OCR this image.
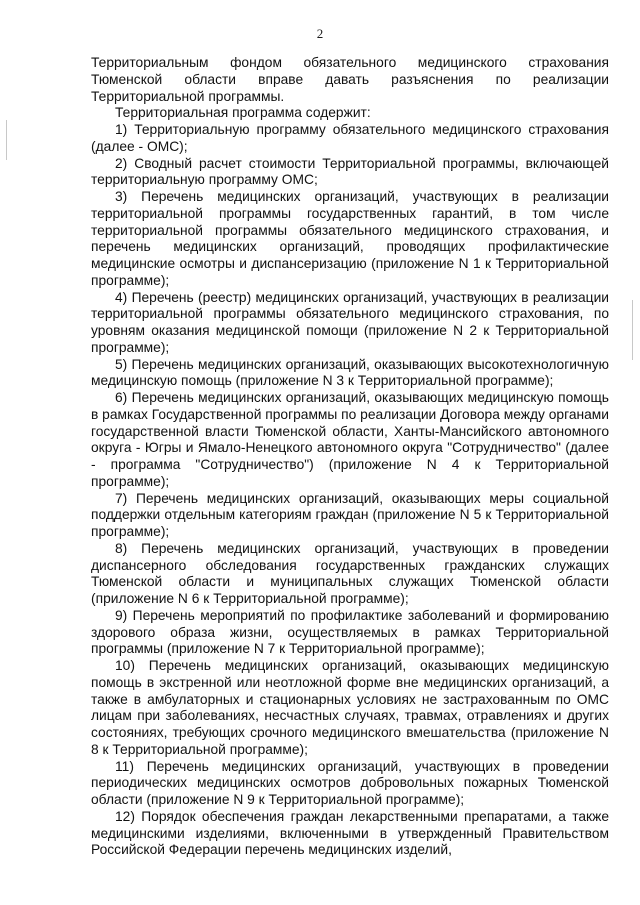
2

Территориальным фондом обязательного медицинского страхования Тюменской области вправе давать разъяснения по реализации Территориальной программы.

Территориальная программа содержит:

1) Территориальную программу обязательного медицинского страхования (далее - ОМС);

2) Сводный расчет стоимости Территориальной программы, включающей территориальную программу ОМС;

3) Перечень медицинских организаций, участвующих в реализации территориальной программы государственных гарантий, в том числе территориальной программы обязательного медицинского страхования, и перечень медицинских организаций, проводящих профилактические медицинские осмотры и диспансеризацию (приложение N 1 к Территориальной программе);

4) Перечень (реестр) медицинских организаций, участвующих в реализации территориальной программы обязательного медицинского страхования, по уровням оказания медицинской помощи (приложение N 2 к Территориальной программе);

5) Перечень медицинских организаций, оказывающих высокотехнологичную медицинскую помощь (приложение N 3 к Территориальной программе);

6) Перечень медицинских организаций, оказывающих медицинскую помощь в рамках Государственной программы по реализации Договора между органами государственной власти Тюменской области, Ханты-Мансийского автономного округа - Югры и Ямало-Ненецкого автономного округа "Сотрудничество" (далее - программа "Сотрудничество") (приложение N 4 к Территориальной программе);

7) Перечень медицинских организаций, оказывающих меры социальной поддержки отдельным категориям граждан (приложение N 5 к Территориальной программе);

8) Перечень медицинских организаций, участвующих в проведении диспансерного обследования государственных гражданских служащих Тюменской области и муниципальных служащих Тюменской области (приложение N 6 к Территориальной программе);

9) Перечень мероприятий по профилактике заболеваний и формированию здорового образа жизни, осуществляемых в рамках Территориальной программы (приложение N 7 к Территориальной программе);

10) Перечень медицинских организаций, оказывающих медицинскую помощь в экстренной или неотложной форме вне медицинских организаций, а также в амбулаторных и стационарных условиях не застрахованным по ОМС лицам при заболеваниях, несчастных случаях, травмах, отравлениях и других состояниях, требующих срочного медицинского вмешательства (приложение N 8 к Территориальной программе);

11) Перечень медицинских организаций, участвующих в проведении периодических медицинских осмотров добровольных пожарных Тюменской области (приложение N 9 к Территориальной программе);

12) Порядок обеспечения граждан лекарственными препаратами, а также медицинскими изделиями, включенными в утвержденный Правительством Российской Федерации перечень медицинских изделий,
